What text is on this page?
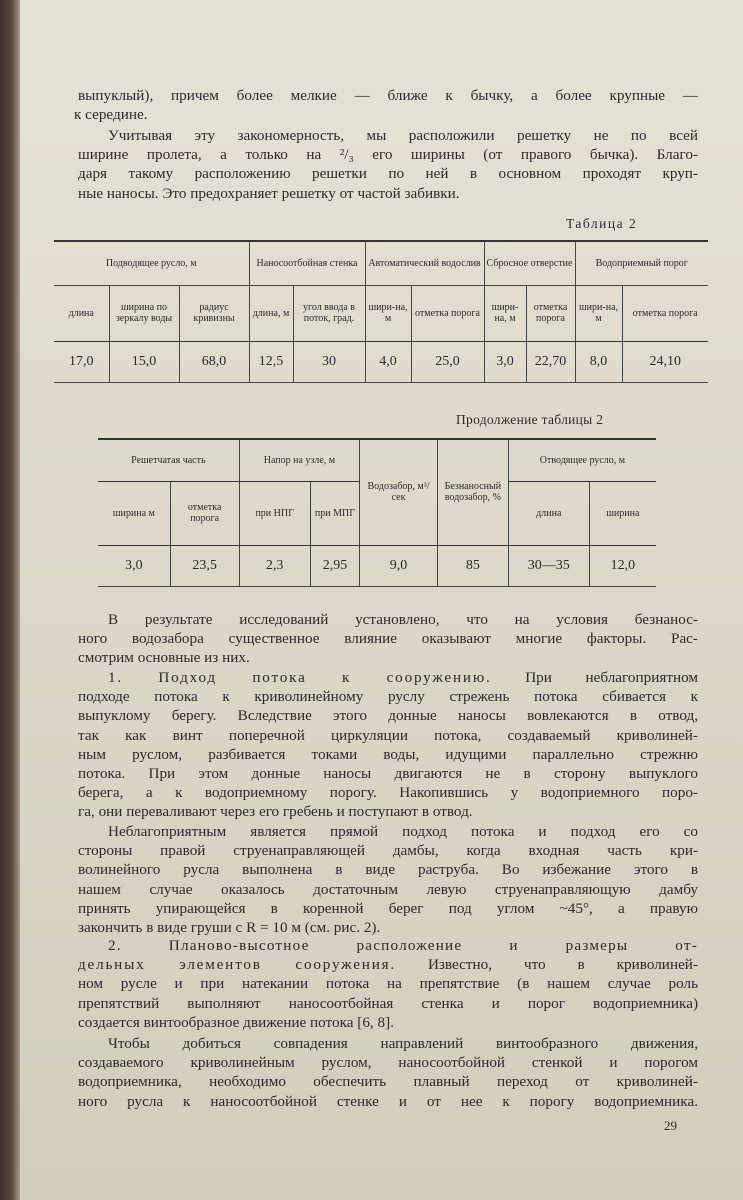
выпуклый), причем более мелкие — ближе к бычку, а более крупные —
к середине.
Учитывая эту закономерность, мы расположили решетку не по всей
ширине пролета, а только на ²/₃ его ширины (от правого бычка). Благо-
даря такому расположению решетки по ней в основном проходят круп-
ные наносы. Это предохраняет решетку от частой забивки.
Таблица 2
Подводящее русло, м			Наносоотбойная стенка		Автоматический водослив		Сбросное отверстие		Водоприемный порог	
длина	ширина по зеркалу воды	радиус кривизны	длина, м	угол ввода в поток, град.	шири-на, м	отметка порога	шири-на, м	отметка порога	шири-на, м	отметка порога
17,0	15,0	68,0	12,5	30	4,0	25,0	3,0	22,70	8,0	24,10
Продолжение таблицы 2
Решетчатая часть		Напор на узле, м		Водозабор, м³/сек	Безнаносный водозабор, %	Отводящее русло, м	
ширина м	отметка порога	при НПГ	при МПГ			длина	ширина
3,0	23,5	2,3	2,95	9,0	85	30—35	12,0
В результате исследований установлено, что на условия безнанос-
ного водозабора существенное влияние оказывают многие факторы. Рас-
смотрим основные из них.
1. Подход потока к сооружению. При неблагоприятном
подходе потока к криволинейному руслу стрежень потока сбивается к
выпуклому берегу. Вследствие этого донные наносы вовлекаются в отвод,
так как винт поперечной циркуляции потока, создаваемый криволиней-
ным руслом, разбивается токами воды, идущими параллельно стрежню
потока. При этом донные наносы двигаются не в сторону выпуклого
берега, а к водоприемному порогу. Накопившись у водоприемного поро-
га, они переваливают через его гребень и поступают в отвод.
Неблагоприятным является прямой подход потока и подход его со
стороны правой струенаправляющей дамбы, когда входная часть кри-
волинейного русла выполнена в виде раструба. Во избежание этого в
нашем случае оказалось достаточным левую струенаправляющую дамбу
принять упирающейся в коренной берег под углом ~45°, а правую
закончить в виде груши с R = 10 м (см. рис. 2).
2. Планово-высотное расположение и размеры от-
дельных элементов сооружения. Известно, что в криволиней-
ном русле и при натекании потока на препятствие (в нашем случае роль
препятствий выполняют наносоотбойная стенка и порог водоприемника)
создается винтообразное движение потока [6, 8].
Чтобы добиться совпадения направлений винтообразного движения,
создаваемого криволинейным руслом, наносоотбойной стенкой и порогом
водоприемника, необходимо обеспечить плавный переход от криволиней-
ного русла к наносоотбойной стенке и от нее к порогу водоприемника.
29
